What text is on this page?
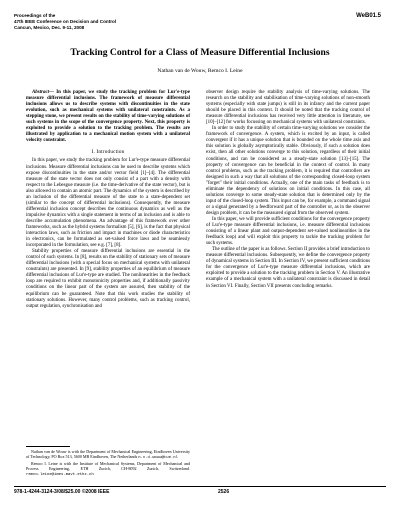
Proceedings of the
47th IEEE Conference on Decision and Control
Cancun, Mexico, Dec. 9-11, 2008
WeB01.5
Tracking Control for a Class of Measure Differential Inclusions
Nathan van de Wouw, Remco I. Leine

Abstract— In this paper, we study the tracking problem for Lur'e-type measure differential inclusions. The framework of measure differential inclusions allows us to describe systems with discontinuities in the state evolution, such as mechanical systems with unilateral constraints. As a stepping stone, we present results on the stability of time-varying solutions of such systems in the scope of the convergence property. Next, this property is exploited to provide a solution to the tracking problem. The results are illustrated by application to a mechanical motion system with a unilateral velocity constraint.

I. Introduction

In this paper, we study the tracking problem for Lur'e-type measure differential inclusions. Measure differential inclusions can be used to describe systems which expose discontinuities in the state and/or vector field [1]–[4]. The differential measure of the state vector does not only consist of a part with a density with respect to the Lebesgue measure (i.e. the time-derivative of the state vector), but is also allowed to contain an atomic part. The dynamics of the system is described by an inclusion of the differential measure of the state to a state-dependent set (similar to the concept of differential inclusions). Consequently, the measure differential inclusion concept describes the continuous dynamics as well as the impulsive dynamics with a single statement in terms of an inclusion and is able to describe accumulation phenomena. An advantage of this framework over other frameworks, such as the hybrid systems formalism [5], [6], is the fact that physical interaction laws, such as friction and impact in machines or diode characteristics in electronics, can be formulated as set-valued force laws and be seamlessly incorporated in the formulation, see e.g. [7], [8].

Stability properties of measure differential inclusions are essential in the control of such systems. In [8], results on the stability of stationary sets of measure differential inclusions (with a special focus on mechanical systems with unilateral constraints) are presented. In [9], stability properties of an equilibrium of measure differential inclusions of Lur'e-type are studied. The nonlinearities in the feedback loop are required to exhibit monotonicity properties and, if additionally passivity conditions on the linear part of the system are assured, then stability of the equilibrium can be guaranteed. Note that this work studies the stability of stationary solutions. However, many control problems, such as tracking control, output regulation, synchronisation and

Nathan van de Wouw is with the Department of Mechanical Engineering, Eindhoven University of Technology, PO Box 513, 5600 MB Eindhoven, The Netherlands n.v.d.wouw@tue.nl

Remco I. Leine is with the Institute of Mechanical Systems, Department of Mechanical and Process Engineering, ETH Zurich, CH-8092 Zurich, Switzerland. remco.leine@imes.mavt.ethz.ch

observer design require the stability analysis of time-varying solutions. The research on the stability and stabilisation of time-varying solutions of non-smooth systems (especially with state jumps) is still in its infancy and the current paper should be placed in this context. It should be noted that the tracking control of measure differential inclusions has received very little attention in literature, see [10]–[12] for works focussing on mechanical systems with unilateral constraints.

In order to study the stability of certain time-varying solutions we consider the framework of convergence. A system, which is excited by an input, is called convergent if it has a unique solution that is bounded on the whole time axis and this solution is globally asymptotically stable. Obviously, if such a solution does exist, then all other solutions converge to this solution, regardless of their initial conditions, and can be considered as a steady-state solution [13]–[15]. The property of convergence can be beneficial in the context of control. In many control problems, such as the tracking problem, it is required that controllers are designed in such a way that all solutions of the corresponding closed-loop system "forget" their initial conditions. Actually, one of the main tasks of feedback is to eliminate the dependency of solutions on initial conditions. In this case, all solutions converge to some steady-state solution that is determined only by the input of the closed-loop system. This input can be, for example, a command signal or a signal generated by a feedforward part of the controller or, as in the observer design problem, it can be the measured signal from the observed system.

In this paper, we will provide sufficient conditions for the convergence property of Lur'e-type measure differential inclusions, i.e. measure differential inclusions consisting of a linear plant and output-dependent set-valued nonlinearities in the feedback loop) and will exploit this property to tackle the tracking problem for such systems.

The outline of the paper is as follows. Section II provides a brief introduction to measure differential inclusions. Subsequently, we define the convergence property of dynamical systems in Section III. In Section IV, we present sufficient conditions for the convergence of Lur'e-type measure differential inclusions, which are exploited to provide a solution to the tracking problem in Section V. An illustrative example of a mechanical system with a unilateral constraint is discussed in detail in Section VI. Finally, Section VII presents concluding remarks.

978-1-4244-3124-3/08/$25.00 ©2008 IEEE	2526
